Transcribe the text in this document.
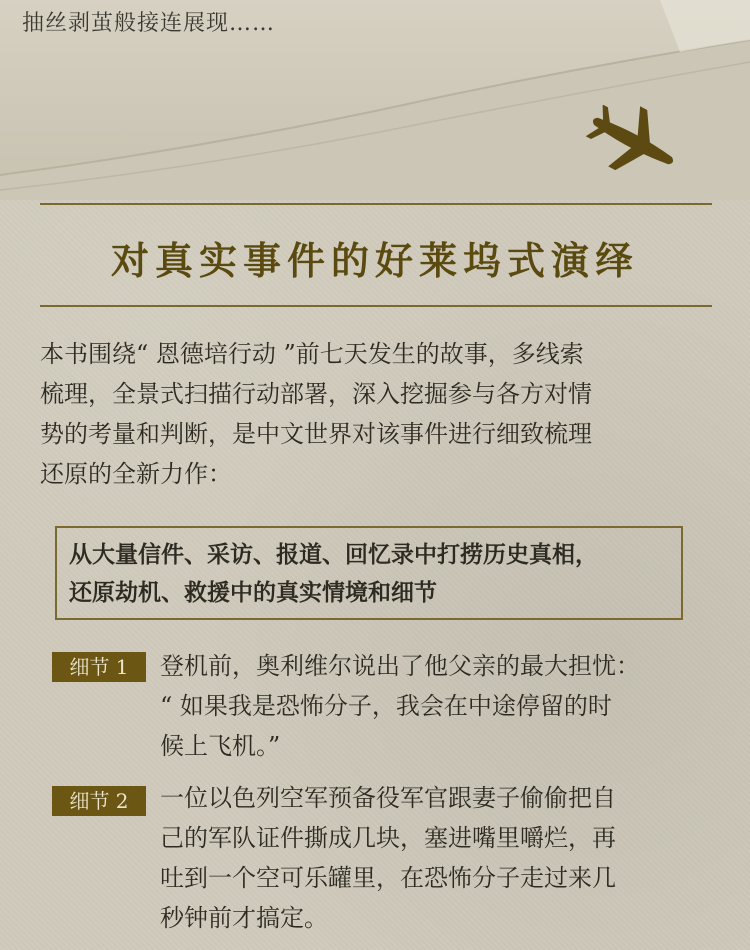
抽丝剥茧般接连展现……
对真实事件的好莱坞式演绎
本书围绕“ 恩德培行动 ”前七天发生的故事，多线索
梳理，全景式扫描行动部署，深入挖掘参与各方对情
势的考量和判断，是中文世界对该事件进行细致梳理
还原的全新力作：
从大量信件、采访、报道、回忆录中打捞历史真相，
还原劫机、救援中的真实情境和细节
细节 1	登机前，奥利维尔说出了他父亲的最大担忧：
“ 如果我是恐怖分子，我会在中途停留的时
候上飞机。”
细节 2	一位以色列空军预备役军官跟妻子偷偷把自
己的军队证件撕成几块，塞进嘴里嚼烂，再
吐到一个空可乐罐里，在恐怖分子走过来几
秒钟前才搞定。
